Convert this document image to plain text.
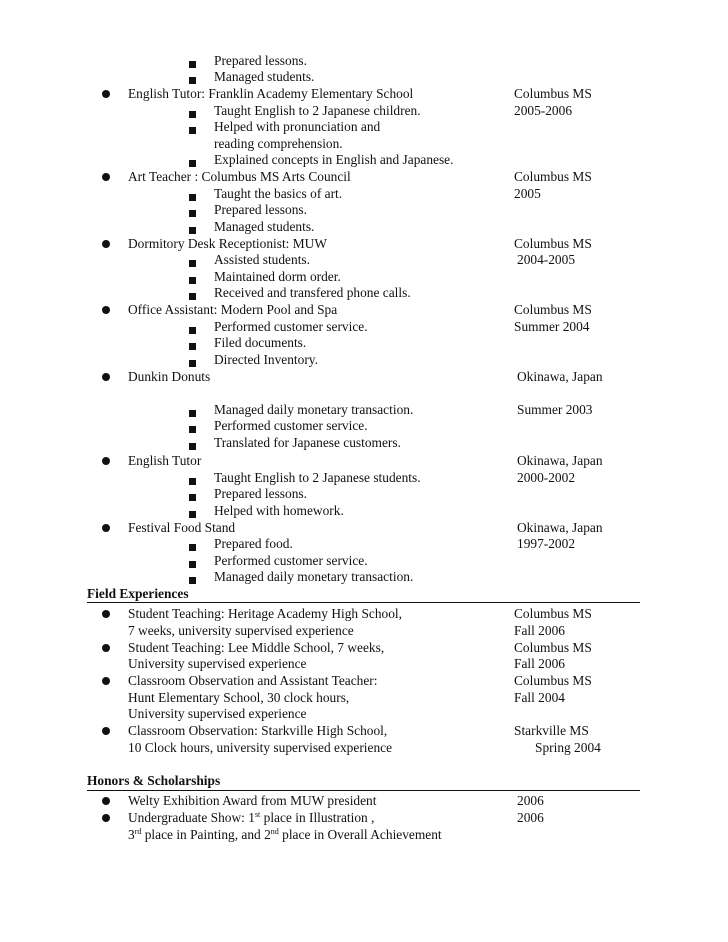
Prepared lessons.
Managed students.
English Tutor: Franklin Academy Elementary School	Columbus MS
Taught English to 2 Japanese children.	2005-2006
Helped with pronunciation and
reading comprehension.
Explained concepts in English and Japanese.
Art Teacher : Columbus MS Arts Council	Columbus MS
Taught the basics of art.	2005
Prepared lessons.
Managed students.
Dormitory Desk Receptionist: MUW	Columbus MS
Assisted students.	2004-2005
Maintained dorm order.
Received and transfered phone calls.
Office Assistant: Modern Pool and Spa	Columbus MS
Performed customer service.	Summer 2004
Filed documents.
Directed Inventory.
Dunkin Donuts	Okinawa, Japan
Managed daily monetary transaction.	Summer 2003
Performed customer service.
Translated for Japanese customers.
English Tutor	Okinawa, Japan
Taught English to 2 Japanese students.	2000-2002
Prepared lessons.
Helped with homework.
Festival Food Stand	Okinawa, Japan
Prepared food.	1997-2002
Performed customer service.
Managed daily monetary transaction.
Field Experiences
Student Teaching: Heritage Academy High School,	Columbus MS
7 weeks, university supervised experience	Fall 2006
Student Teaching: Lee Middle School, 7 weeks,	Columbus MS
University supervised experience	Fall 2006
Classroom Observation and Assistant Teacher:	Columbus MS
Hunt Elementary School, 30 clock hours,	Fall 2004
University supervised experience
Classroom Observation: Starkville High School,	Starkville MS
10 Clock hours, university supervised experience	Spring 2004
Honors & Scholarships
Welty Exhibition Award from MUW president	2006
Undergraduate Show: 1st place in Illustration ,	2006
3rd place in Painting, and 2nd place in Overall Achievement
